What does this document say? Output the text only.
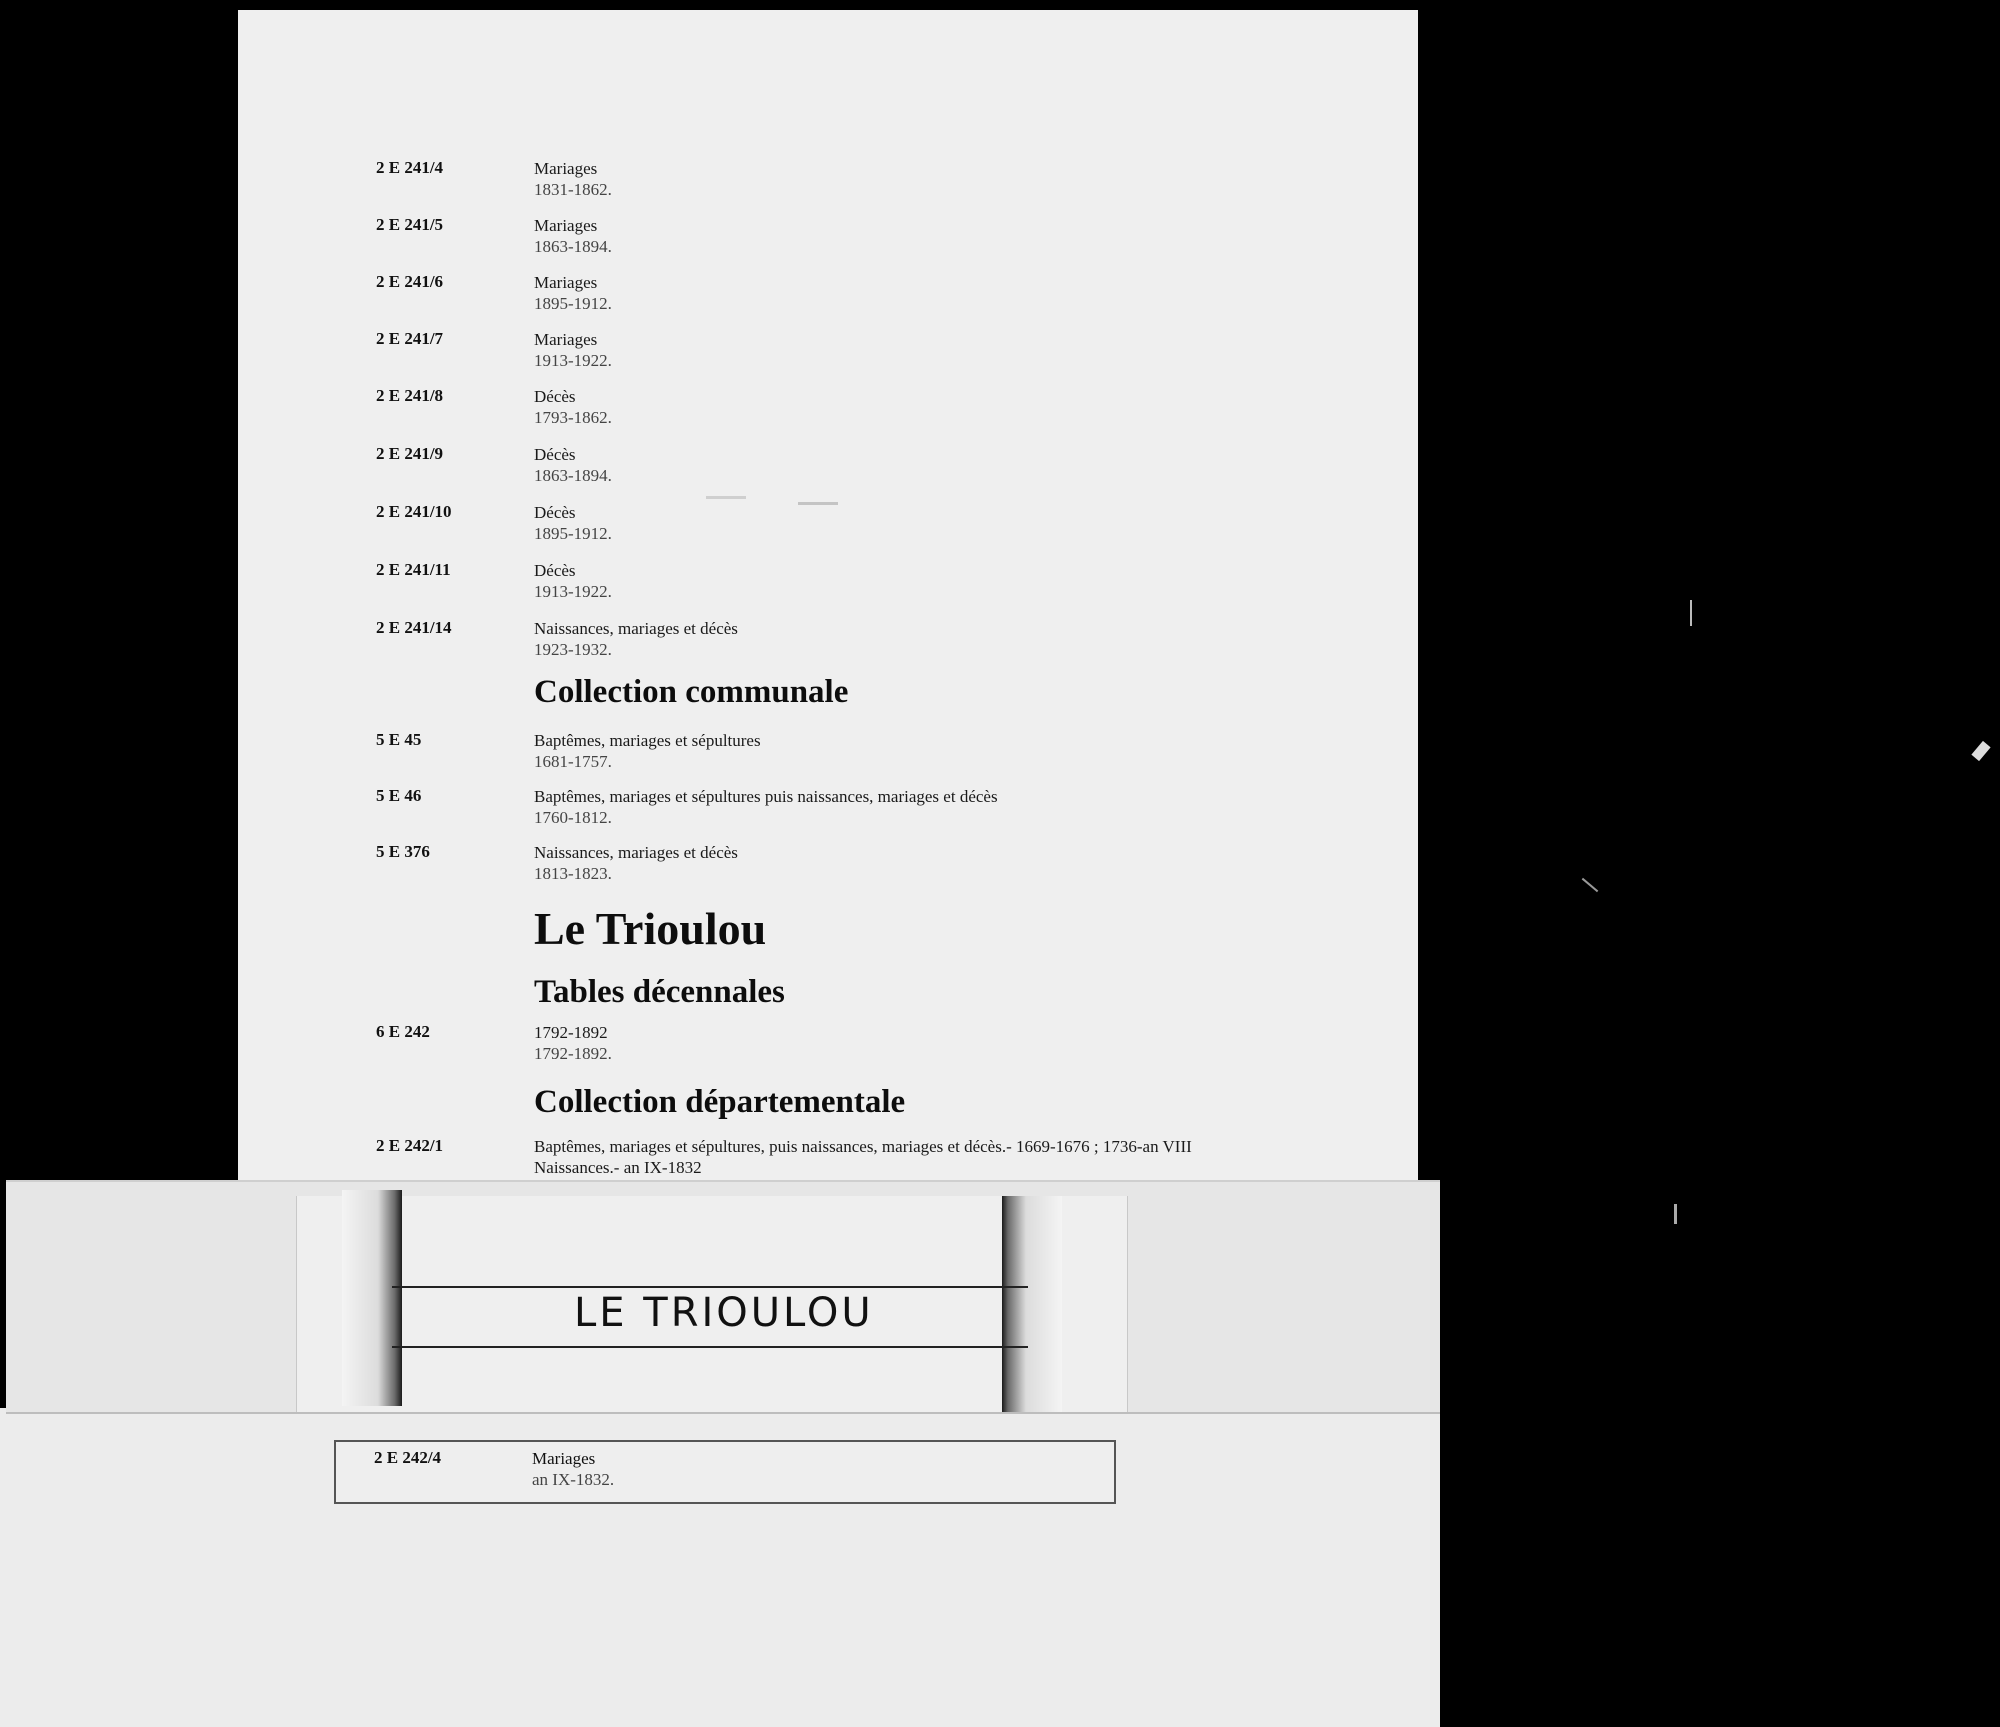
2 E 241/4	Mariages
1831-1862.
2 E 241/5	Mariages
1863-1894.
2 E 241/6	Mariages
1895-1912.
2 E 241/7	Mariages
1913-1922.
2 E 241/8	Décès
1793-1862.
2 E 241/9	Décès
1863-1894.
2 E 241/10	Décès
1895-1912.
2 E 241/11	Décès
1913-1922.
2 E 241/14	Naissances, mariages et décès
1923-1932.
Collection communale
5 E 45	Baptêmes, mariages et sépultures
1681-1757.
5 E 46	Baptêmes, mariages et sépultures puis naissances, mariages et décès
1760-1812.
5 E 376	Naissances, mariages et décès
1813-1823.
Le Trioulou
Tables décennales
6 E 242	1792-1892
1792-1892.
Collection départementale
2 E 242/1	Baptêmes, mariages et sépultures, puis naissances, mariages et décès.- 1669-1676 ; 1736-an VIII
Naissances.- an IX-1832
LE TRIOULOU
2 E 242/4	Mariages
an IX-1832.
